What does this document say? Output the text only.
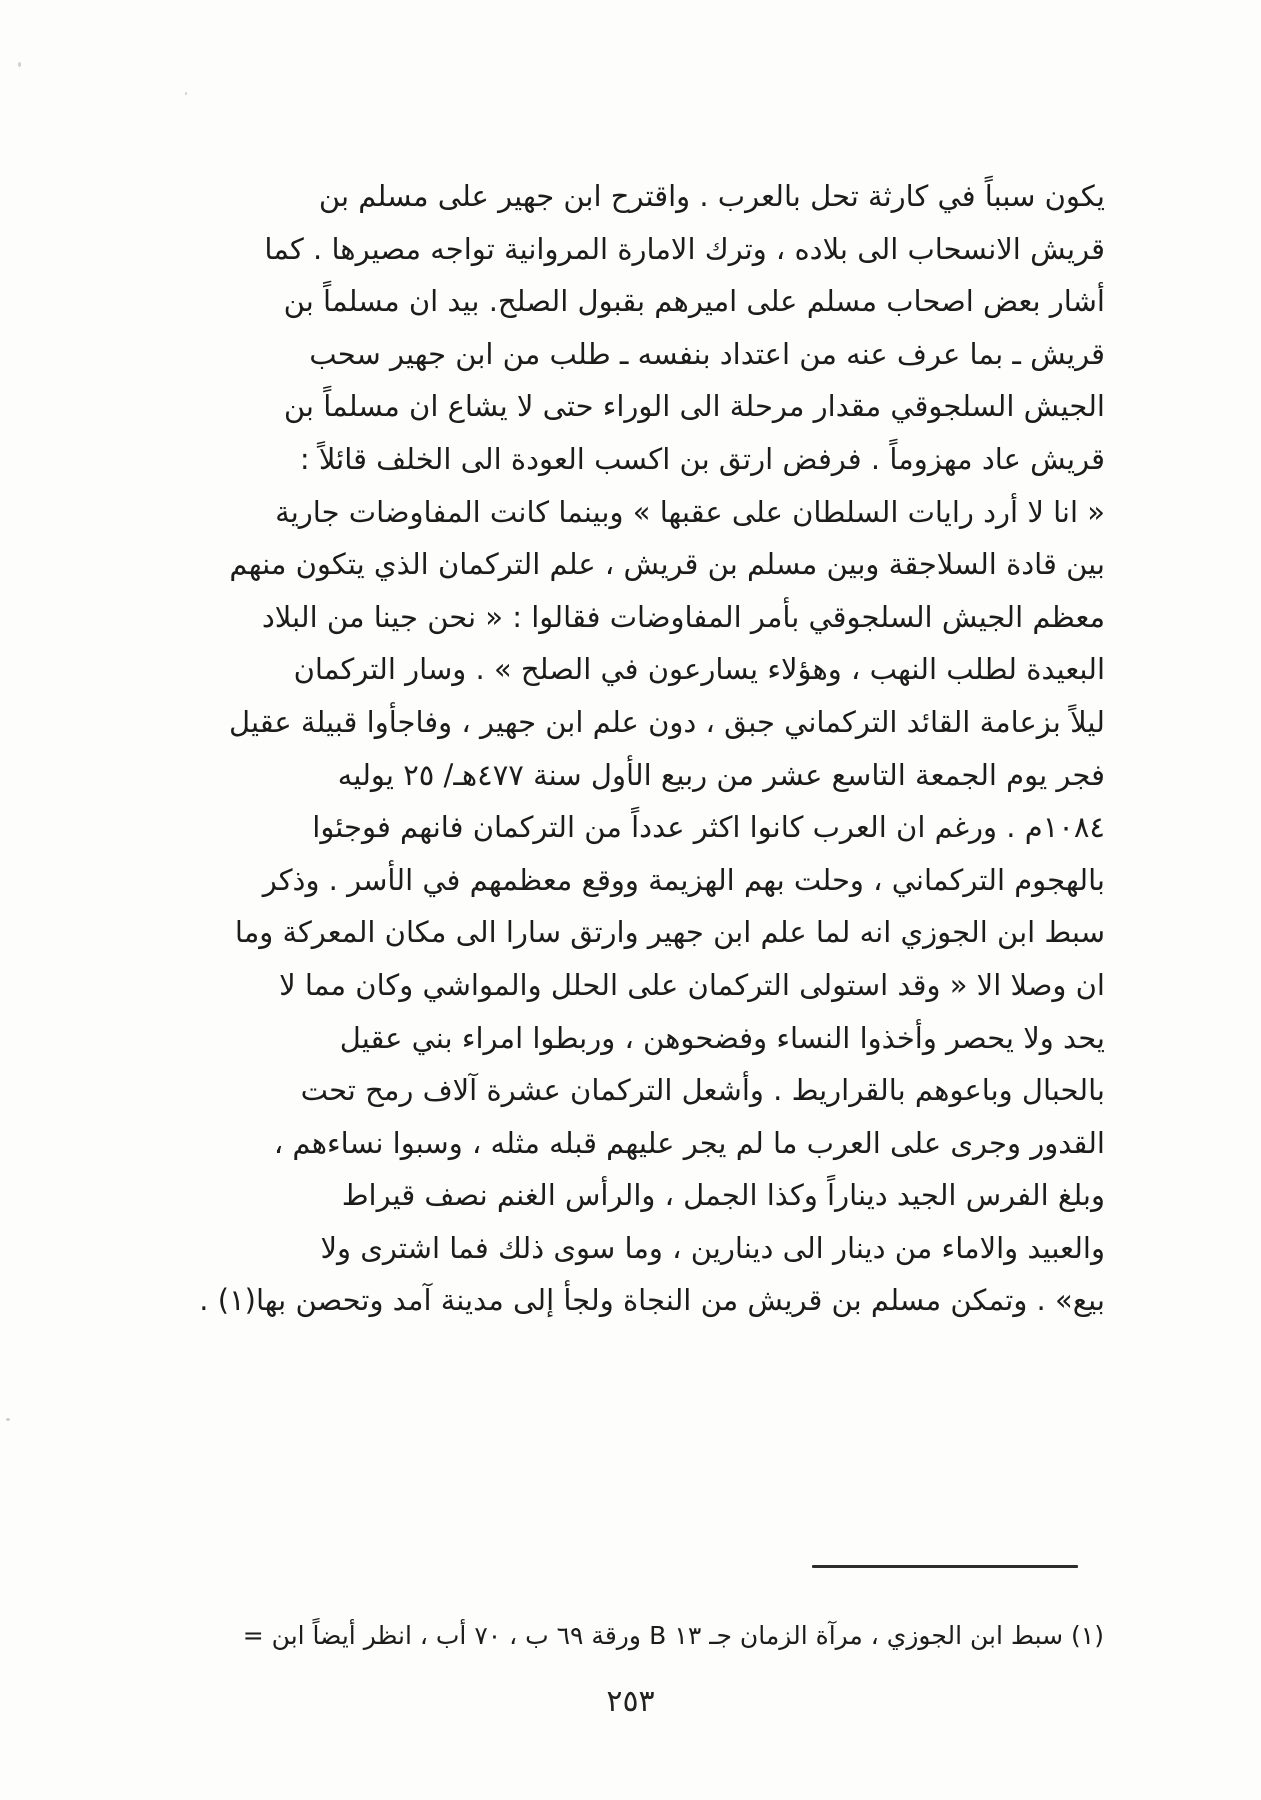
يكون سبباً في كارثة تحل بالعرب . واقترح ابن جهير على مسلم بن
قريش الانسحاب الى بلاده ، وترك الامارة المروانية تواجه مصيرها . كما
أشار بعض اصحاب مسلم على اميرهم بقبول الصلح. بيد ان مسلماً بن
قريش ـ بما عرف عنه من اعتداد بنفسه ـ طلب من ابن جهير سحب
الجيش السلجوقي مقدار مرحلة الى الوراء حتى لا يشاع ان مسلماً بن
قريش عاد مهزوماً . فرفض ارتق بن اكسب العودة الى الخلف قائلاً :
« انا لا أرد رايات السلطان على عقبها » وبينما كانت المفاوضات جارية
بين قادة السلاجقة وبين مسلم بن قريش ، علم التركمان الذي يتكون منهم
معظم الجيش السلجوقي بأمر المفاوضات فقالوا : « نحن جينا من البلاد
البعيدة لطلب النهب ، وهؤلاء يسارعون في الصلح » . وسار التركمان
ليلاً بزعامة القائد التركماني جبق ، دون علم ابن جهير ، وفاجأوا قبيلة عقيل
فجر يوم الجمعة التاسع عشر من ربيع الأول سنة ٤٧٧هـ/ ٢٥ يوليه
١٠٨٤م . ورغم ان العرب كانوا اكثر عدداً من التركمان فانهم فوجئوا
بالهجوم التركماني ، وحلت بهم الهزيمة ووقع معظمهم في الأسر . وذكر
سبط ابن الجوزي انه لما علم ابن جهير وارتق سارا الى مكان المعركة وما
ان وصلا الا « وقد استولى التركمان على الحلل والمواشي وكان مما لا
يحد ولا يحصر وأخذوا النساء وفضحوهن ، وربطوا امراء بني عقيل
بالحبال وباعوهم بالقراريط . وأشعل التركمان عشرة آلاف رمح تحت
القدور وجرى على العرب ما لم يجر عليهم قبله مثله ، وسبوا نساءهم ،
وبلغ الفرس الجيد ديناراً وكذا الجمل ، والرأس الغنم نصف قيراط
والعبيد والاماء من دينار الى دينارين ، وما سوى ذلك فما اشترى ولا
بيع» . وتمكن مسلم بن قريش من النجاة ولجأ إلى مدينة آمد وتحصن بها(١) .
(١) سبط ابن الجوزي ، مرآة الزمان جـ ١٣ B ورقة ٦٩ ب ، ٧٠ أب ، انظر أيضاً ابن =
٢٥٣
